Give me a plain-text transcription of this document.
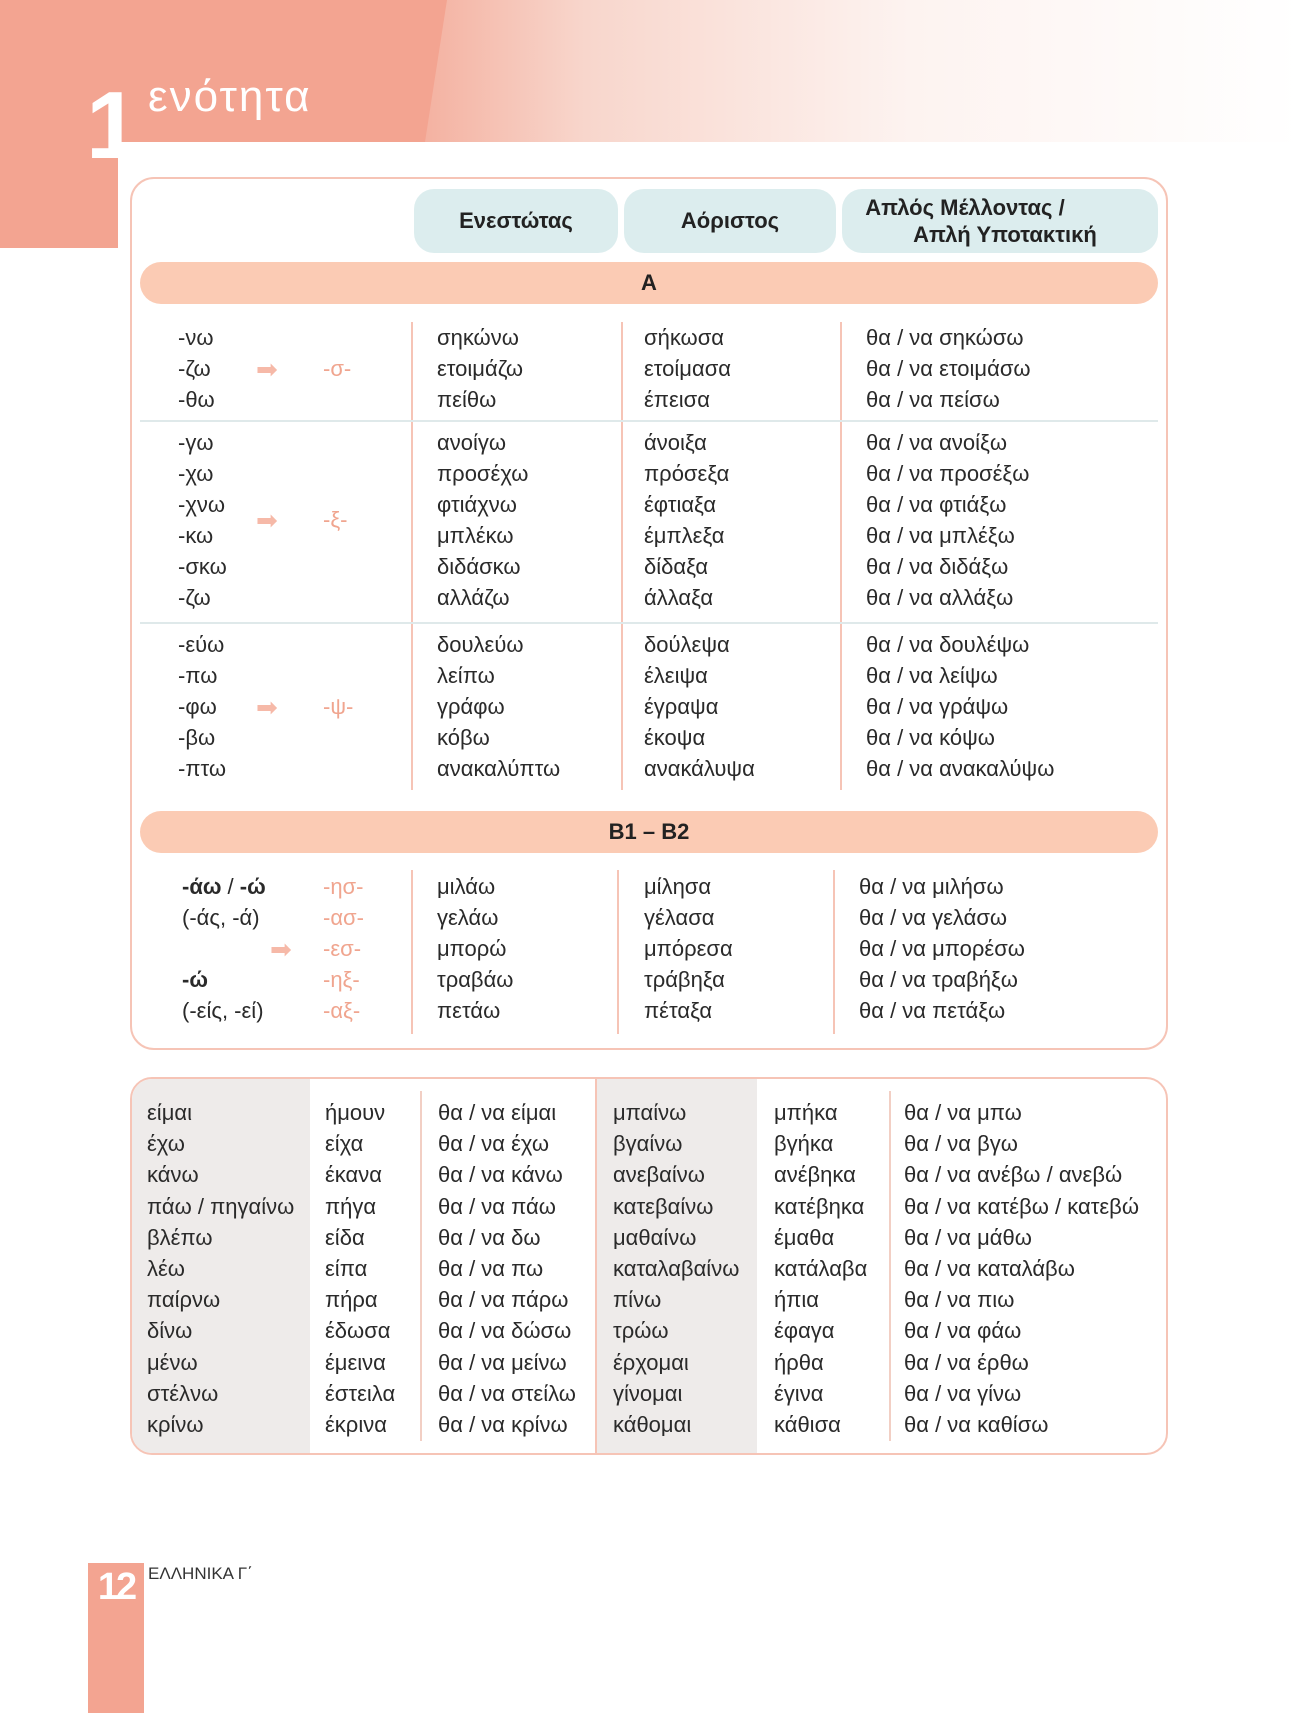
1 ενότητα
Ενεστώτας	Αόριστος
Απλός Μέλλοντας /
Απλή Υποτακτική
A
-νω
-ζω
-θω
σηκώνω
ετοιμάζω
πείθω
σήκωσα
ετοίμασα
έπεισα
θα / να σηκώσω
θα / να ετοιμάσω
θα / να πείσω
➡ -σ-
-γω
-χω
-χνω
-κω
-σκω
-ζω
ανοίγω
προσέχω
φτιάχνω
μπλέκω
διδάσκω
αλλάζω
άνοιξα
πρόσεξα
έφτιαξα
έμπλεξα
δίδαξα
άλλαξα
θα / να ανοίξω
θα / να προσέξω
θα / να φτιάξω
θα / να μπλέξω
θα / να διδάξω
θα / να αλλάξω
➡ -ξ-
-εύω
-πω
-φω
-βω
-πτω
δουλεύω
λείπω
γράφω
κόβω
ανακαλύπτω
δούλεψα
έλειψα
έγραψα
έκοψα
ανακάλυψα
θα / να δουλέψω
θα / να λείψω
θα / να γράψω
θα / να κόψω
θα / να ανακαλύψω
➡ -ψ-
B1 – B2
-άω / -ώ
(-άς, -ά)

-ώ
(-είς, -εί)
➡
-ησ-
-ασ-
-εσ-
-ηξ-
-αξ-
μιλάω
γελάω
μπορώ
τραβάω
πετάω
μίλησα
γέλασα
μπόρεσα
τράβηξα
πέταξα
θα / να μιλήσω
θα / να γελάσω
θα / να μπορέσω
θα / να τραβήξω
θα / να πετάξω
είμαι
έχω
κάνω
πάω / πηγαίνω
βλέπω
λέω
παίρνω
δίνω
μένω
στέλνω
κρίνω
ήμουν
είχα
έκανα
πήγα
είδα
είπα
πήρα
έδωσα
έμεινα
έστειλα
έκρινα
θα / να είμαι
θα / να έχω
θα / να κάνω
θα / να πάω
θα / να δω
θα / να πω
θα / να πάρω
θα / να δώσω
θα / να μείνω
θα / να στείλω
θα / να κρίνω
μπαίνω
βγαίνω
ανεβαίνω
κατεβαίνω
μαθαίνω
καταλαβαίνω
πίνω
τρώω
έρχομαι
γίνομαι
κάθομαι
μπήκα
βγήκα
ανέβηκα
κατέβηκα
έμαθα
κατάλαβα
ήπια
έφαγα
ήρθα
έγινα
κάθισα
θα / να μπω
θα / να βγω
θα / να ανέβω / ανεβώ
θα / να κατέβω / κατεβώ
θα / να μάθω
θα / να καταλάβω
θα / να πιω
θα / να φάω
θα / να έρθω
θα / να γίνω
θα / να καθίσω
12 ΕΛΛΗΝΙΚΑ Γ΄
